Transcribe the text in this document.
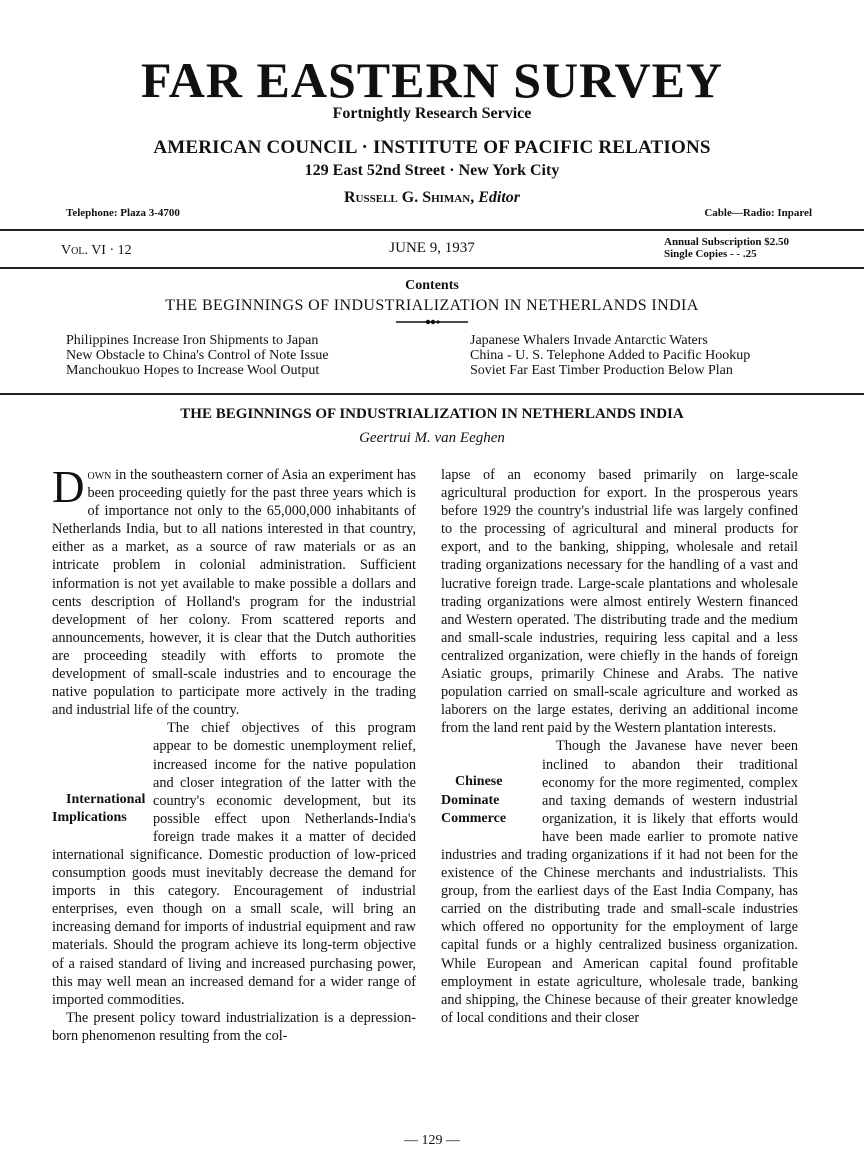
FAR EASTERN SURVEY
Fortnightly Research Service
AMERICAN COUNCIL · INSTITUTE OF PACIFIC RELATIONS
129 East 52nd Street · New York City
Russell G. Shiman, Editor
Telephone: Plaza 3-4700	Cable—Radio: Inparel
Vol. VI · 12	JUNE 9, 1937	Annual Subscription $2.50
Single Copies - - .25
Contents
THE BEGINNINGS OF INDUSTRIALIZATION IN NETHERLANDS INDIA
Philippines Increase Iron Shipments to Japan
New Obstacle to China's Control of Note Issue
Manchoukuo Hopes to Increase Wool Output
Japanese Whalers Invade Antarctic Waters
China - U. S. Telephone Added to Pacific Hookup
Soviet Far East Timber Production Below Plan
THE BEGINNINGS OF INDUSTRIALIZATION IN NETHERLANDS INDIA
Geertrui M. van Eeghen

Down in the southeastern corner of Asia an experiment has been proceeding quietly for the past three years which is of importance not only to the 65,000,000 inhabitants of Netherlands India, but to all nations interested in that country, either as a market, as a source of raw materials or as an intricate problem in colonial administration. Sufficient information is not yet available to make possible a dollars and cents description of Holland's program for the industrial development of her colony. From scattered reports and announcements, however, it is clear that the Dutch authorities are proceeding steadily with efforts to promote the development of small-scale industries and to encourage the native population to participate more actively in the trading and industrial life of the country.

International Implications
The chief objectives of this program appear to be domestic unemployment relief, increased income for the native population and closer integration of the latter with the country's economic development, but its possible effect upon Netherlands-India's foreign trade makes it a matter of decided international significance. Domestic production of low-priced consumption goods must inevitably decrease the demand for imports in this category. Encouragement of industrial enterprises, even though on a small scale, will bring an increasing demand for imports of industrial equipment and raw materials. Should the program achieve its long-term objective of a raised standard of living and increased purchasing power, this may well mean an increased demand for a wider range of imported commodities.

The present policy toward industrialization is a depression-born phenomenon resulting from the col-

lapse of an economy based primarily on large-scale agricultural production for export. In the prosperous years before 1929 the country's industrial life was largely confined to the processing of agricultural and mineral products for export, and to the banking, shipping, wholesale and retail trading organizations necessary for the handling of a vast and lucrative foreign trade. Large-scale plantations and wholesale trading organizations were almost entirely Western financed and Western operated. The distributing trade and the medium and small-scale industries, requiring less capital and a less centralized organization, were chiefly in the hands of foreign Asiatic groups, primarily Chinese and Arabs. The native population carried on small-scale agriculture and worked as laborers on the large estates, deriving an additional income from the land rent paid by the Western plantation interests.

Chinese Dominate Commerce
Though the Javanese have never been inclined to abandon their traditional economy for the more regimented, complex and taxing demands of western industrial organization, it is likely that efforts would have been made earlier to promote native industries and trading organizations if it had not been for the existence of the Chinese merchants and industrialists. This group, from the earliest days of the East India Company, has carried on the distributing trade and small-scale industries which offered no opportunity for the employment of large capital funds or a highly centralized business organization. While European and American capital found profitable employment in estate agriculture, wholesale trade, banking and shipping, the Chinese because of their greater knowledge of local conditions and their closer

— 129 —
